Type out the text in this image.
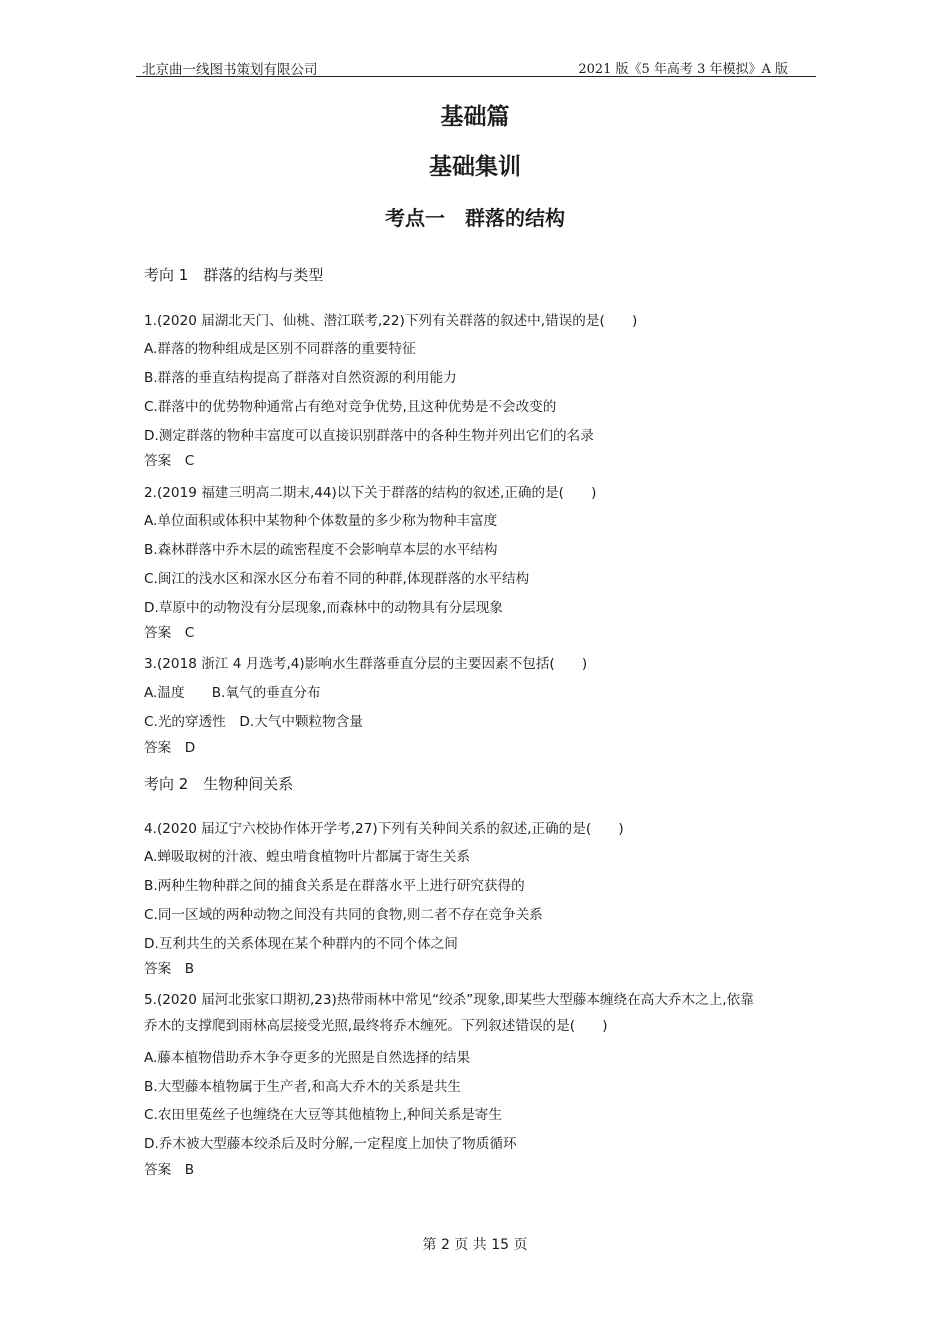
北京曲一线图书策划有限公司	2021 版《5 年高考 3 年模拟》A 版
基础篇
基础集训
考点一　群落的结构
考向 1　群落的结构与类型
1.(2020 届湖北天门、仙桃、潜江联考,22)下列有关群落的叙述中,错误的是(　　)
A.群落的物种组成是区别不同群落的重要特征
B.群落的垂直结构提高了群落对自然资源的利用能力
C.群落中的优势物种通常占有绝对竞争优势,且这种优势是不会改变的
D.测定群落的物种丰富度可以直接识别群落中的各种生物并列出它们的名录
答案　C
2.(2019 福建三明高二期末,44)以下关于群落的结构的叙述,正确的是(　　)
A.单位面积或体积中某物种个体数量的多少称为物种丰富度
B.森林群落中乔木层的疏密程度不会影响草本层的水平结构
C.闽江的浅水区和深水区分布着不同的种群,体现群落的水平结构
D.草原中的动物没有分层现象,而森林中的动物具有分层现象
答案　C
3.(2018 浙江 4 月选考,4)影响水生群落垂直分层的主要因素不包括(　　)
A.温度　　B.氧气的垂直分布
C.光的穿透性　D.大气中颗粒物含量
答案　D
考向 2　生物种间关系
4.(2020 届辽宁六校协作体开学考,27)下列有关种间关系的叙述,正确的是(　　)
A.蝉吸取树的汁液、蝗虫啃食植物叶片都属于寄生关系
B.两种生物种群之间的捕食关系是在群落水平上进行研究获得的
C.同一区域的两种动物之间没有共同的食物,则二者不存在竞争关系
D.互利共生的关系体现在某个种群内的不同个体之间
答案　B
5.(2020 届河北张家口期初,23)热带雨林中常见“绞杀”现象,即某些大型藤本缠绕在高大乔木之上,依靠
乔木的支撑爬到雨林高层接受光照,最终将乔木缠死。下列叙述错误的是(　　)
A.藤本植物借助乔木争夺更多的光照是自然选择的结果
B.大型藤本植物属于生产者,和高大乔木的关系是共生
C.农田里菟丝子也缠绕在大豆等其他植物上,种间关系是寄生
D.乔木被大型藤本绞杀后及时分解,一定程度上加快了物质循环
答案　B
第 2 页 共 15 页
